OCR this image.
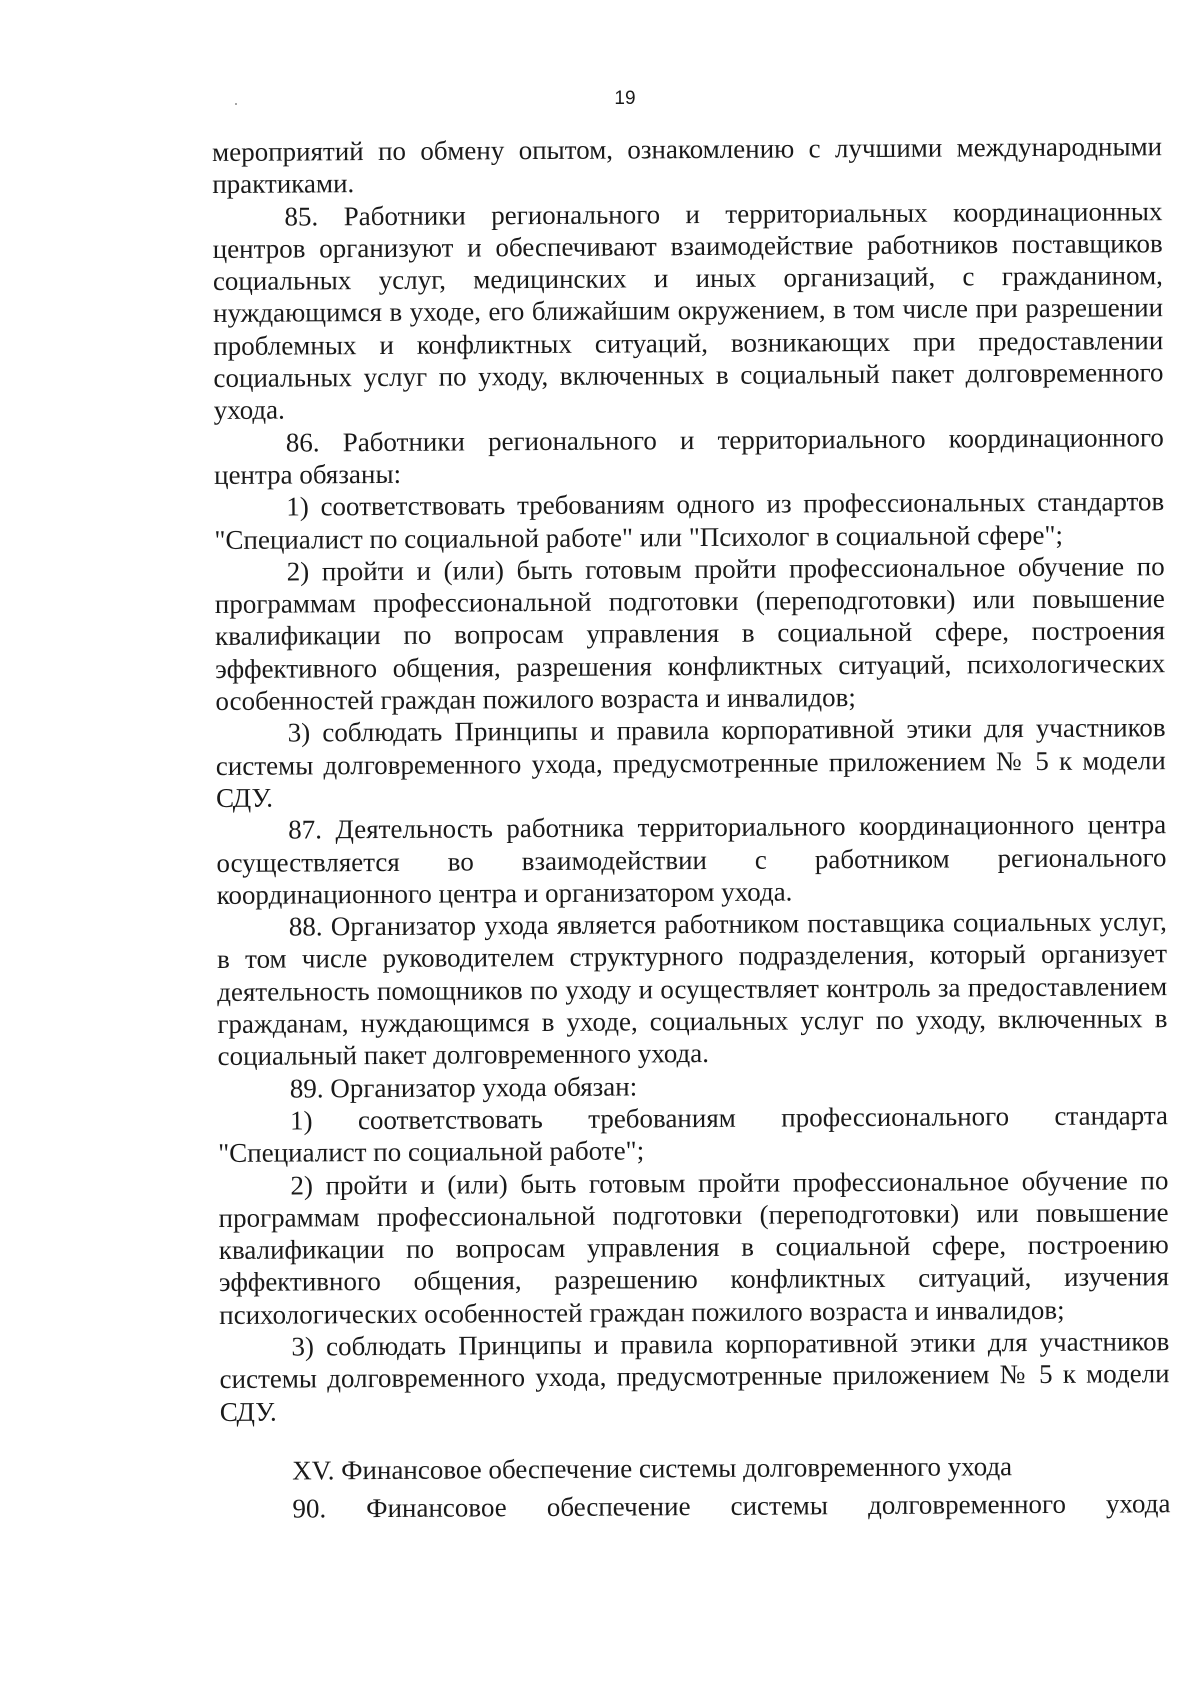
19

мероприятий по обмену опытом, ознакомлению с лучшими международными практиками.

85. Работники регионального и территориальных координационных центров организуют и обеспечивают взаимодействие работников поставщиков социальных услуг, медицинских и иных организаций, с гражданином, нуждающимся в уходе, его ближайшим окружением, в том числе при разрешении проблемных и конфликтных ситуаций, возникающих при предоставлении социальных услуг по уходу, включенных в социальный пакет долговременного ухода.

86. Работники регионального и территориального координационного центра обязаны:

1) соответствовать требованиям одного из профессиональных стандартов "Специалист по социальной работе" или "Психолог в социальной сфере";

2) пройти и (или) быть готовым пройти профессиональное обучение по программам профессиональной подготовки (переподготовки) или повышение квалификации по вопросам управления в социальной сфере, построения эффективного общения, разрешения конфликтных ситуаций, психологических особенностей граждан пожилого возраста и инвалидов;

3) соблюдать Принципы и правила корпоративной этики для участников системы долговременного ухода, предусмотренные приложением № 5 к модели СДУ.

87. Деятельность работника территориального координационного центра осуществляется во взаимодействии с работником регионального координационного центра и организатором ухода.

88. Организатор ухода является работником поставщика социальных услуг, в том числе руководителем структурного подразделения, который организует деятельность помощников по уходу и осуществляет контроль за предоставлением гражданам, нуждающимся в уходе, социальных услуг по уходу, включенных в социальный пакет долговременного ухода.

89. Организатор ухода обязан:

1) соответствовать требованиям профессионального стандарта "Специалист по социальной работе";

2) пройти и (или) быть готовым пройти профессиональное обучение по программам профессиональной подготовки (переподготовки) или повышение квалификации по вопросам управления в социальной сфере, построению эффективного общения, разрешению конфликтных ситуаций, изучения психологических особенностей граждан пожилого возраста и инвалидов;

3) соблюдать Принципы и правила корпоративной этики для участников системы долговременного ухода, предусмотренные приложением № 5 к модели СДУ.

XV. Финансовое обеспечение системы долговременного ухода

90. Финансовое обеспечение системы долговременного ухода
